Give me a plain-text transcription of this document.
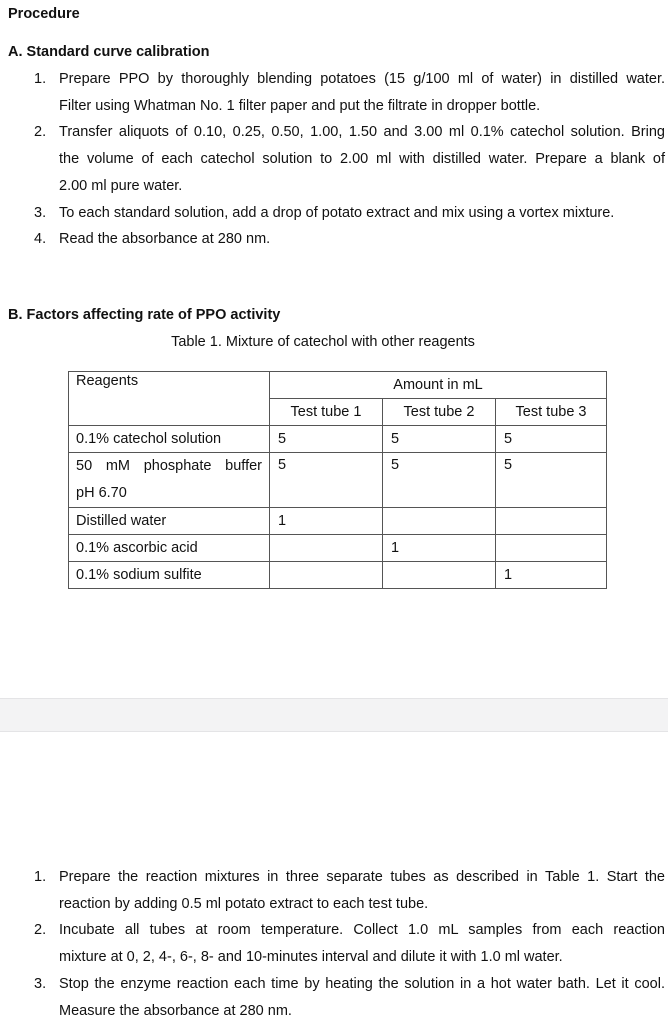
Procedure
A. Standard curve calibration
1. Prepare PPO by thoroughly blending potatoes (15 g/100 ml of water) in distilled water.
Filter using Whatman No. 1 filter paper and put the filtrate in dropper bottle.
2. Transfer aliquots of 0.10, 0.25, 0.50, 1.00, 1.50 and 3.00 ml 0.1% catechol solution. Bring
the volume of each catechol solution to 2.00 ml with distilled water. Prepare a blank of
2.00 ml pure water.
3. To each standard solution, add a drop of potato extract and mix using a vortex mixture.
4. Read the absorbance at 280 nm.
B. Factors affecting rate of PPO activity
Table 1. Mixture of catechol with other reagents
Reagents	Amount in mL		
	Test tube 1	Test tube 2	Test tube 3
0.1% catechol solution	5	5	5

50 mM phosphate buffer
pH 6.70	5	5	5
Distilled water	1		
0.1% ascorbic acid		1	
0.1% sodium sulfite			1
1. Prepare the reaction mixtures in three separate tubes as described in Table 1. Start the
reaction by adding 0.5 ml potato extract to each test tube.
2. Incubate all tubes at room temperature. Collect 1.0 mL samples from each reaction
mixture at 0, 2, 4-, 6-, 8- and 10-minutes interval and dilute it with 1.0 ml water.
3. Stop the enzyme reaction each time by heating the solution in a hot water bath. Let it cool.
Measure the absorbance at 280 nm.
